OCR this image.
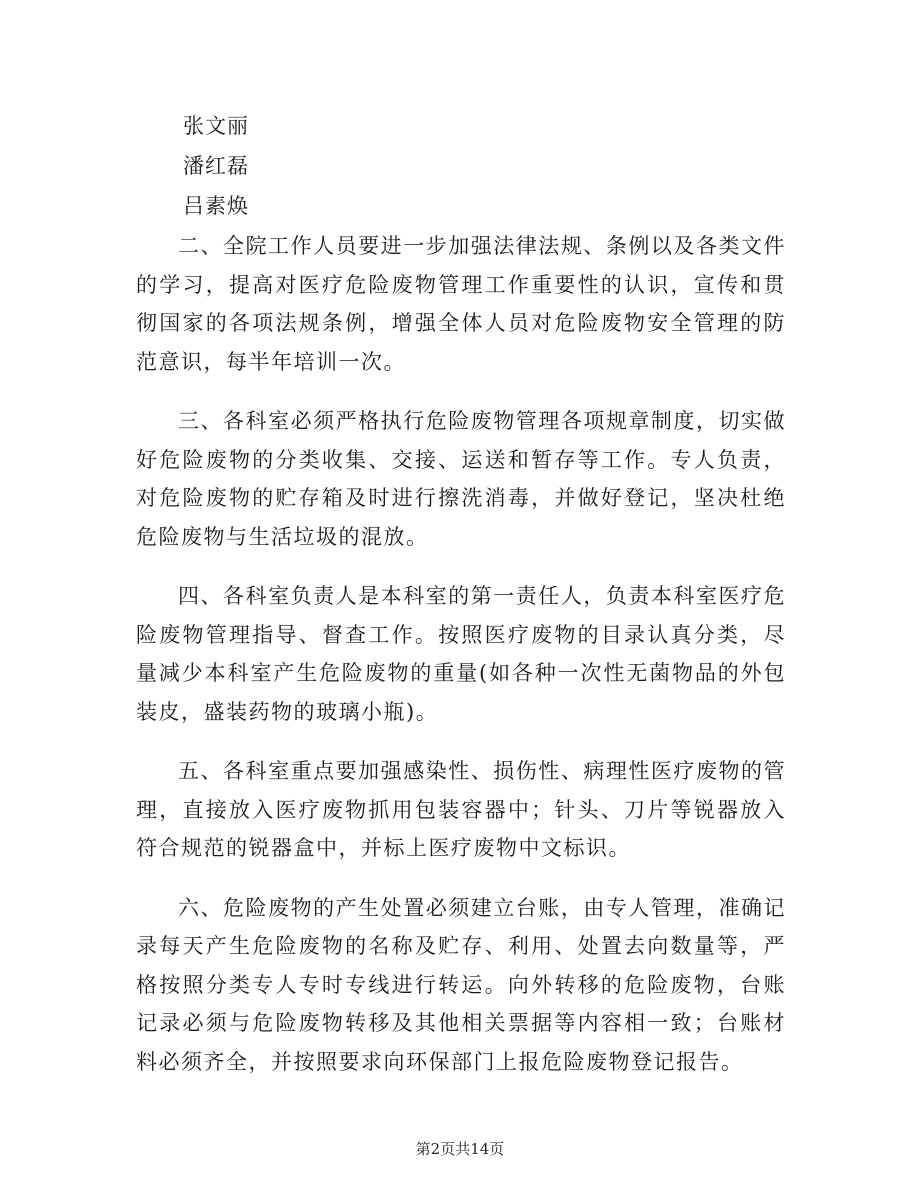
张文丽
潘红磊
吕素焕

二、全院工作人员要进一步加强法律法规、条例以及各类文件的学习，提高对医疗危险废物管理工作重要性的认识，宣传和贯彻国家的各项法规条例，增强全体人员对危险废物安全管理的防范意识，每半年培训一次。

三、各科室必须严格执行危险废物管理各项规章制度，切实做好危险废物的分类收集、交接、运送和暂存等工作。专人负责，对危险废物的贮存箱及时进行擦洗消毒，并做好登记，坚决杜绝危险废物与生活垃圾的混放。

四、各科室负责人是本科室的第一责任人，负责本科室医疗危险废物管理指导、督查工作。按照医疗废物的目录认真分类，尽量减少本科室产生危险废物的重量(如各种一次性无菌物品的外包装皮，盛装药物的玻璃小瓶)。

五、各科室重点要加强感染性、损伤性、病理性医疗废物的管理，直接放入医疗废物抓用包装容器中；针头、刀片等锐器放入符合规范的锐器盒中，并标上医疗废物中文标识。

六、危险废物的产生处置必须建立台账，由专人管理，准确记录每天产生危险废物的名称及贮存、利用、处置去向数量等，严格按照分类专人专时专线进行转运。向外转移的危险废物，台账记录必须与危险废物转移及其他相关票据等内容相一致；台账材料必须齐全，并按照要求向环保部门上报危险废物登记报告。

第2页共14页
